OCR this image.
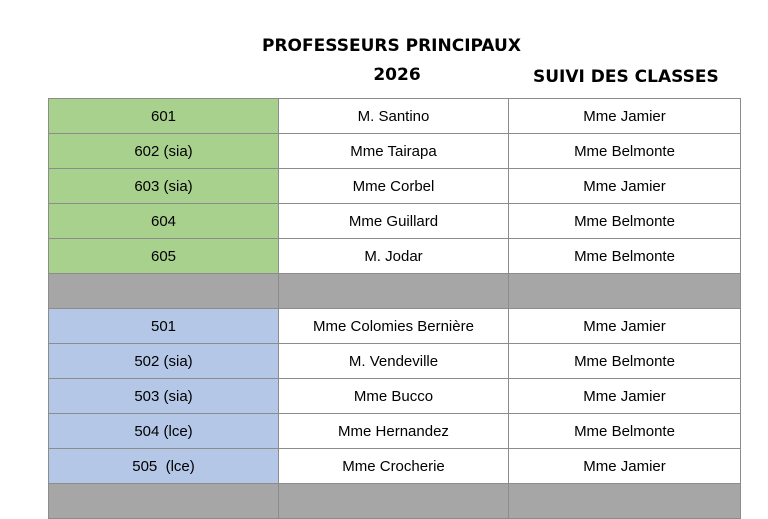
PROFESSEURS PRINCIPAUX
2026	SUIVI DES CLASSES
601	M. Santino	Mme Jamier
602 (sia)	Mme Tairapa	Mme Belmonte
603 (sia)	Mme Corbel	Mme Jamier
604	Mme Guillard	Mme Belmonte
605	M. Jodar	Mme Belmonte

501	Mme Colomies Bernière	Mme Jamier
502 (sia)	M. Vendeville	Mme Belmonte
503 (sia)	Mme Bucco	Mme Jamier
504 (lce)	Mme Hernandez	Mme Belmonte
505  (lce)	Mme Crocherie	Mme Jamier
